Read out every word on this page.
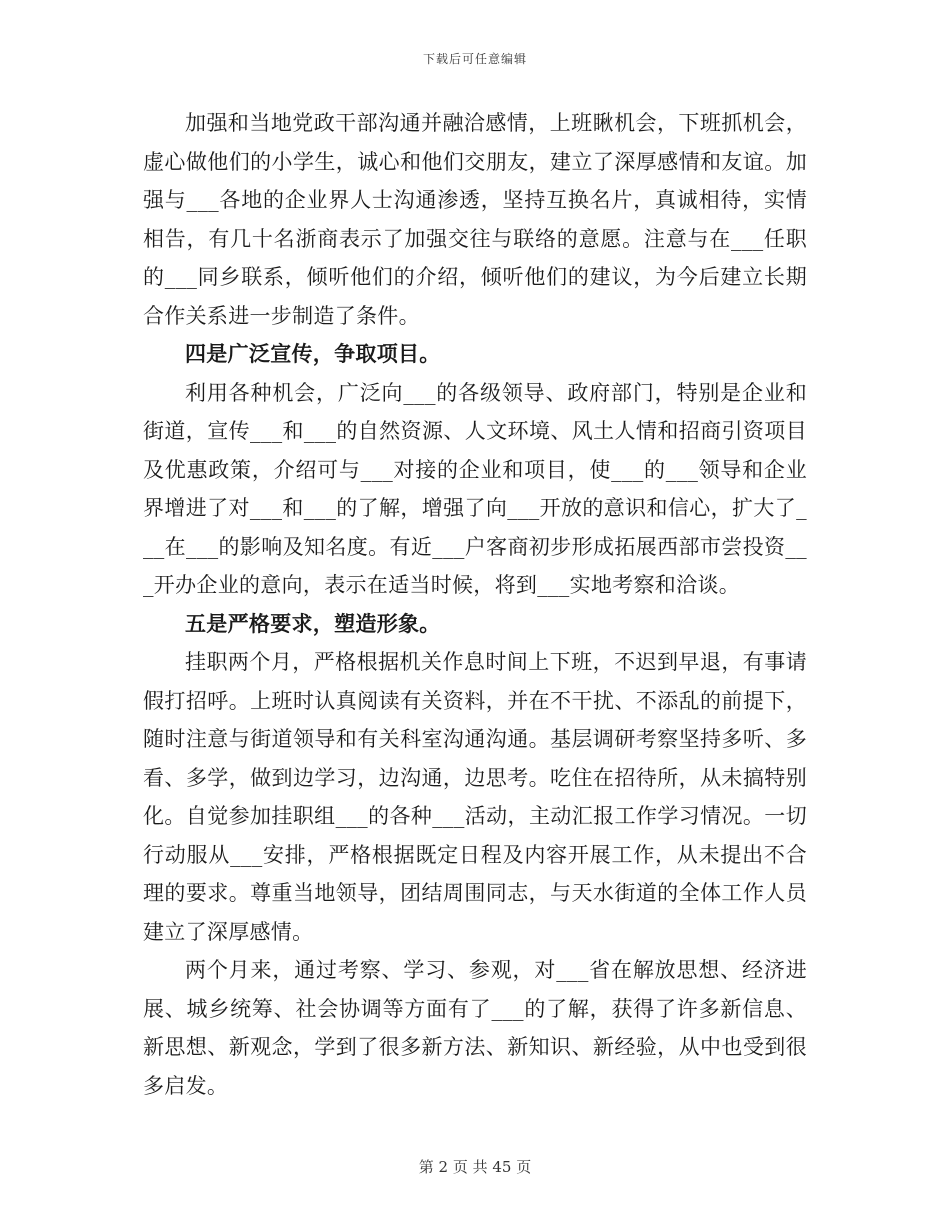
下载后可任意编辑

加强和当地党政干部沟通并融洽感情，上班瞅机会，下班抓机会，虚心做他们的小学生，诚心和他们交朋友，建立了深厚感情和友谊。加强与___各地的企业界人士沟通渗透，坚持互换名片，真诚相待，实情相告，有几十名浙商表示了加强交往与联络的意愿。注意与在___任职的___同乡联系，倾听他们的介绍，倾听他们的建议，为今后建立长期合作关系进一步制造了条件。

四是广泛宣传，争取项目。

利用各种机会，广泛向___的各级领导、政府部门，特别是企业和街道，宣传___和___的自然资源、人文环境、风土人情和招商引资项目及优惠政策，介绍可与___对接的企业和项目，使___的___领导和企业界增进了对___和___的了解，增强了向___开放的意识和信心，扩大了___在___的影响及知名度。有近___户客商初步形成拓展西部市尝投资___开办企业的意向，表示在适当时候，将到___实地考察和洽谈。

五是严格要求，塑造形象。

挂职两个月，严格根据机关作息时间上下班，不迟到早退，有事请假打招呼。上班时认真阅读有关资料，并在不干扰、不添乱的前提下，随时注意与街道领导和有关科室沟通沟通。基层调研考察坚持多听、多看、多学，做到边学习，边沟通，边思考。吃住在招待所，从未搞特别化。自觉参加挂职组___的各种___活动，主动汇报工作学习情况。一切行动服从___安排，严格根据既定日程及内容开展工作，从未提出不合理的要求。尊重当地领导，团结周围同志，与天水街道的全体工作人员建立了深厚感情。

两个月来，通过考察、学习、参观，对___省在解放思想、经济进展、城乡统筹、社会协调等方面有了___的了解，获得了许多新信息、新思想、新观念，学到了很多新方法、新知识、新经验，从中也受到很多启发。

第 2 页 共 45 页
